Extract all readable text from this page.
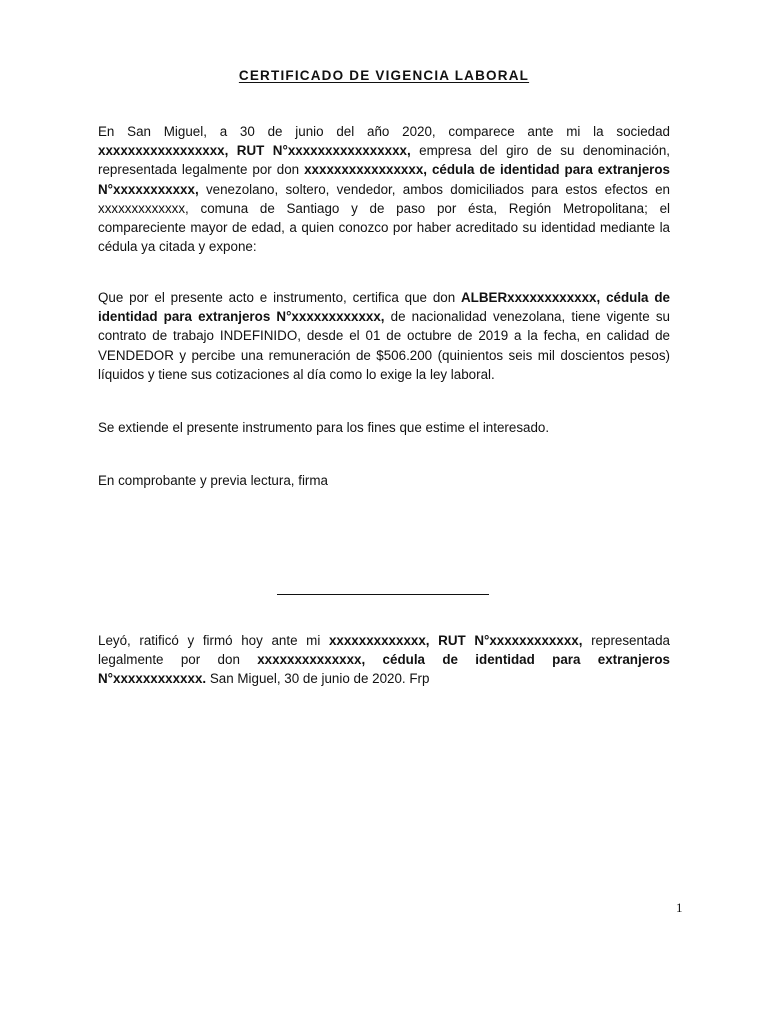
CERTIFICADO DE VIGENCIA LABORAL

En San Miguel, a 30 de junio del año 2020, comparece ante mi la sociedad xxxxxxxxxxxxxxxxx, RUT N°xxxxxxxxxxxxxxxx, empresa del giro de su denominación, representada legalmente por don xxxxxxxxxxxxxxxx, cédula de identidad para extranjeros N°xxxxxxxxxxx, venezolano, soltero, vendedor, ambos domiciliados para estos efectos en xxxxxxxxxxxxx, comuna de Santiago y de paso por ésta, Región Metropolitana; el compareciente mayor de edad, a quien conozco por haber acreditado su identidad mediante la cédula ya citada y expone:

Que por el presente acto e instrumento, certifica que don ALBERxxxxxxxxxxxx, cédula de identidad para extranjeros N°xxxxxxxxxxxx, de nacionalidad venezolana, tiene vigente su contrato de trabajo INDEFINIDO, desde el 01 de octubre de 2019 a la fecha, en calidad de VENDEDOR y percibe una remuneración de $506.200 (quinientos seis mil doscientos pesos) líquidos y tiene sus cotizaciones al día como lo exige la ley laboral.

Se extiende el presente instrumento para los fines que estime el interesado.

En comprobante y previa lectura, firma

Leyó, ratificó y firmó hoy ante mi xxxxxxxxxxxxx, RUT N°xxxxxxxxxxxx, representada legalmente por don xxxxxxxxxxxxxx, cédula de identidad para extranjeros N°xxxxxxxxxxxx. San Miguel, 30 de junio de 2020. Frp

1
